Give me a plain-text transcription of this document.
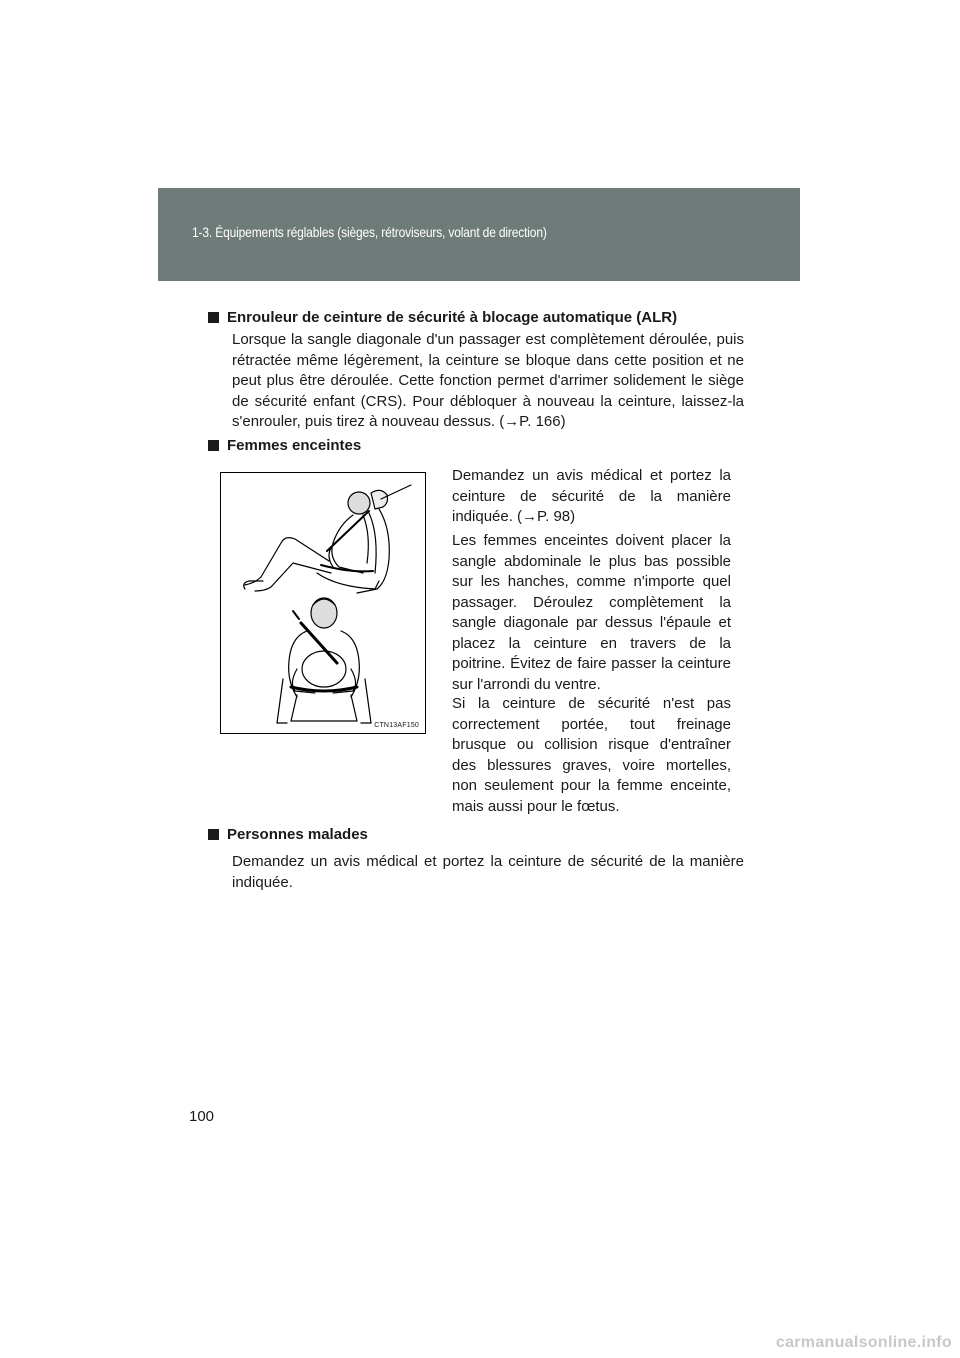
1-3. Équipements réglables (sièges, rétroviseurs, volant de direction)
Enrouleur de ceinture de sécurité à blocage automatique (ALR)
Lorsque la sangle diagonale d'un passager est complètement déroulée, puis rétractée même légèrement, la ceinture se bloque dans cette position et ne peut plus être déroulée. Cette fonction permet d'arrimer solidement le siège de sécurité enfant (CRS). Pour débloquer à nouveau la ceinture, laissez-la s'enrouler, puis tirez à nouveau dessus. (→P. 166)
Femmes enceintes
CTN13AF150
Demandez un avis médical et portez la ceinture de sécurité de la manière indiquée. (→P. 98)
Les femmes enceintes doivent placer la sangle abdominale le plus bas possible sur les hanches, comme n'importe quel passager. Déroulez complètement la sangle diagonale par dessus l'épaule et placez la ceinture en travers de la poitrine. Évitez de faire passer la ceinture sur l'arrondi du ventre.
Si la ceinture de sécurité n'est pas correctement portée, tout freinage brusque ou collision risque d'entraîner des blessures graves, voire mortelles, non seulement pour la femme enceinte, mais aussi pour le fœtus.
Personnes malades
Demandez un avis médical et portez la ceinture de sécurité de la manière indiquée.
100
carmanualsonline.info
